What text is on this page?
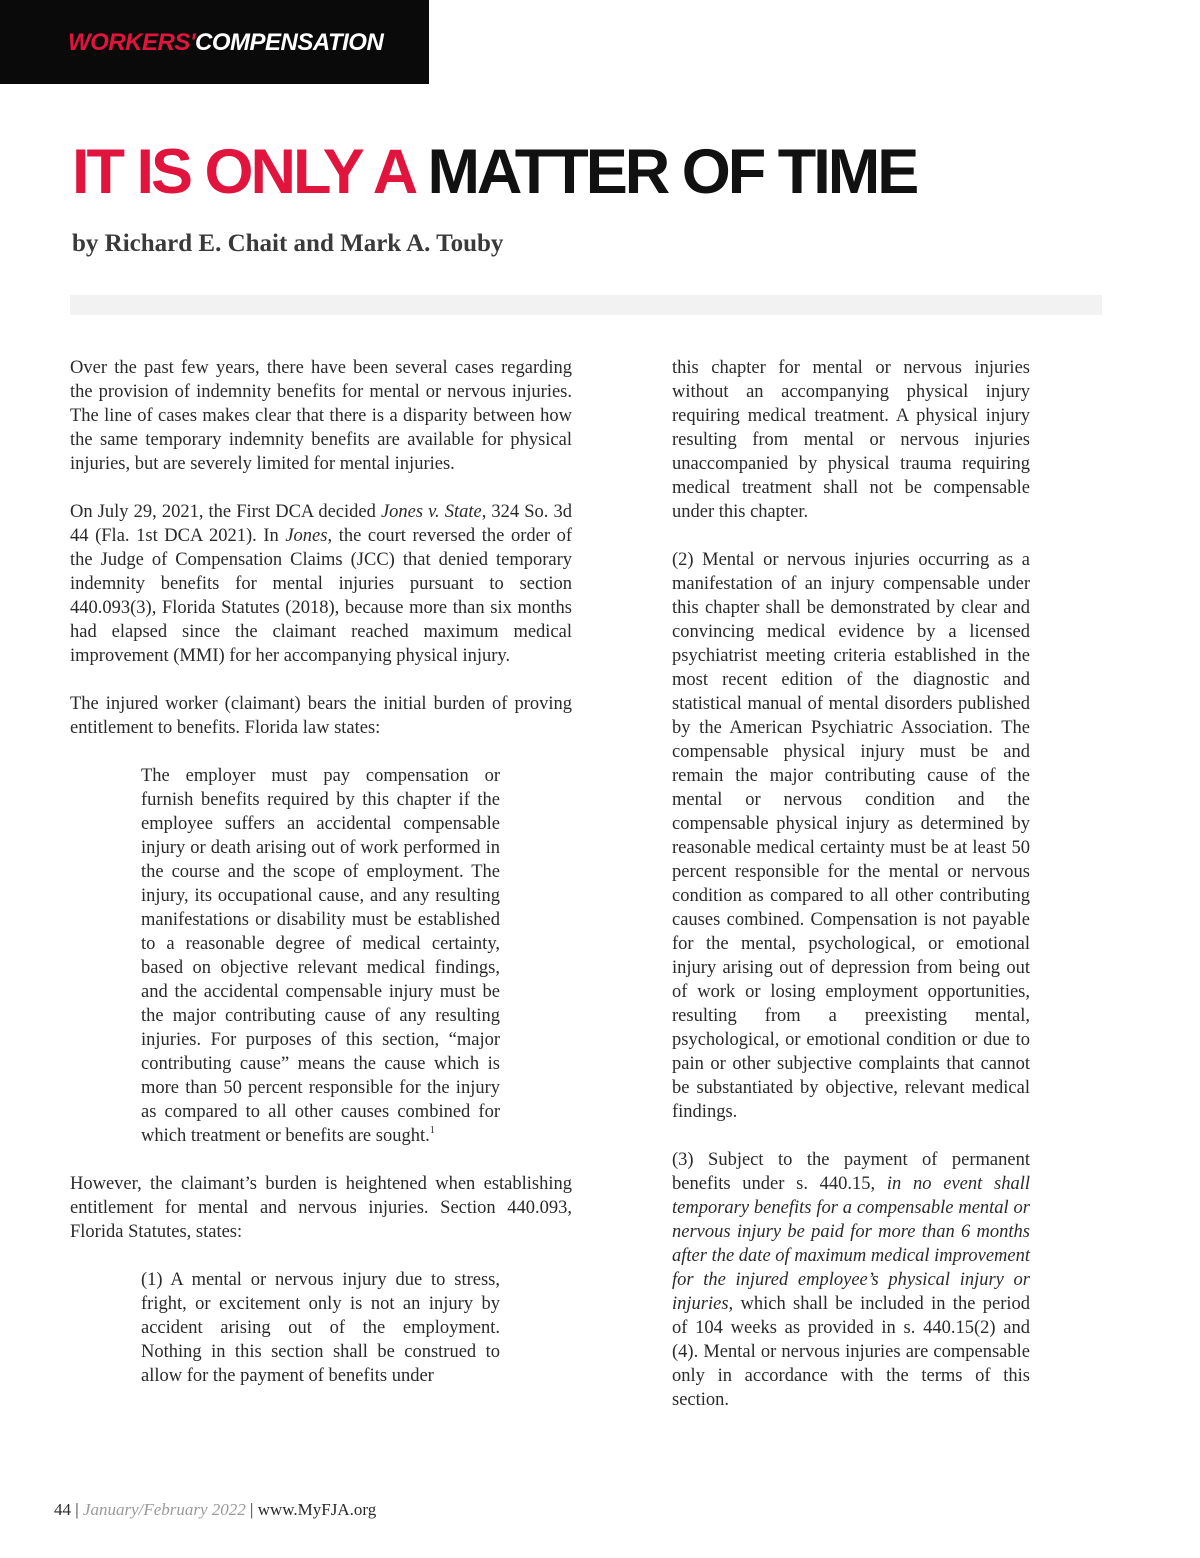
WORKERS'COMPENSATION
IT IS ONLY A MATTER OF TIME
by Richard E. Chait and Mark A. Touby

Over the past few years, there have been several cases regarding the provision of indemnity benefits for mental or nervous injuries. The line of cases makes clear that there is a disparity between how the same temporary indemnity benefits are available for physical injuries, but are severely limited for mental injuries.

On July 29, 2021, the First DCA decided Jones v. State, 324 So. 3d 44 (Fla. 1st DCA 2021). In Jones, the court reversed the order of the Judge of Compensation Claims (JCC) that denied temporary indemnity benefits for mental injuries pursuant to section 440.093(3), Florida Statutes (2018), because more than six months had elapsed since the claimant reached maximum medical improvement (MMI) for her accompanying physical injury.

The injured worker (claimant) bears the initial burden of proving entitlement to benefits. Florida law states:

The employer must pay compensation or furnish benefits required by this chapter if the employee suffers an accidental compensable injury or death arising out of work performed in the course and the scope of employment. The injury, its occupational cause, and any resulting manifestations or disability must be established to a reasonable degree of medical certainty, based on objective relevant medical findings, and the accidental compensable injury must be the major contributing cause of any resulting injuries. For purposes of this section, “major contributing cause” means the cause which is more than 50 percent responsible for the injury as compared to all other causes combined for which treatment or benefits are sought.$^1$

However, the claimant’s burden is heightened when establishing entitlement for mental and nervous injuries. Section 440.093, Florida Statutes, states:

(1) A mental or nervous injury due to stress, fright, or excitement only is not an injury by accident arising out of the employment. Nothing in this section shall be construed to allow for the payment of benefits under

this chapter for mental or nervous injuries without an accompanying physical injury requiring medical treatment. A physical injury resulting from mental or nervous injuries unaccompanied by physical trauma requiring medical treatment shall not be compensable under this chapter.

(2) Mental or nervous injuries occurring as a manifestation of an injury compensable under this chapter shall be demonstrated by clear and convincing medical evidence by a licensed psychiatrist meeting criteria established in the most recent edition of the diagnostic and statistical manual of mental disorders published by the American Psychiatric Association. The compensable physical injury must be and remain the major contributing cause of the mental or nervous condition and the compensable physical injury as determined by reasonable medical certainty must be at least 50 percent responsible for the mental or nervous condition as compared to all other contributing causes combined. Compensation is not payable for the mental, psychological, or emotional injury arising out of depression from being out of work or losing employment opportunities, resulting from a preexisting mental, psychological, or emotional condition or due to pain or other subjective complaints that cannot be substantiated by objective, relevant medical findings.

(3) Subject to the payment of permanent benefits under s. 440.15, in no event shall temporary benefits for a compensable mental or nervous injury be paid for more than 6 months after the date of maximum medical improvement for the injured employee’s physical injury or injuries, which shall be included in the period of 104 weeks as provided in s. 440.15(2) and (4). Mental or nervous injuries are compensable only in accordance with the terms of this section.

44 | January/February 2022 | www.MyFJA.org
